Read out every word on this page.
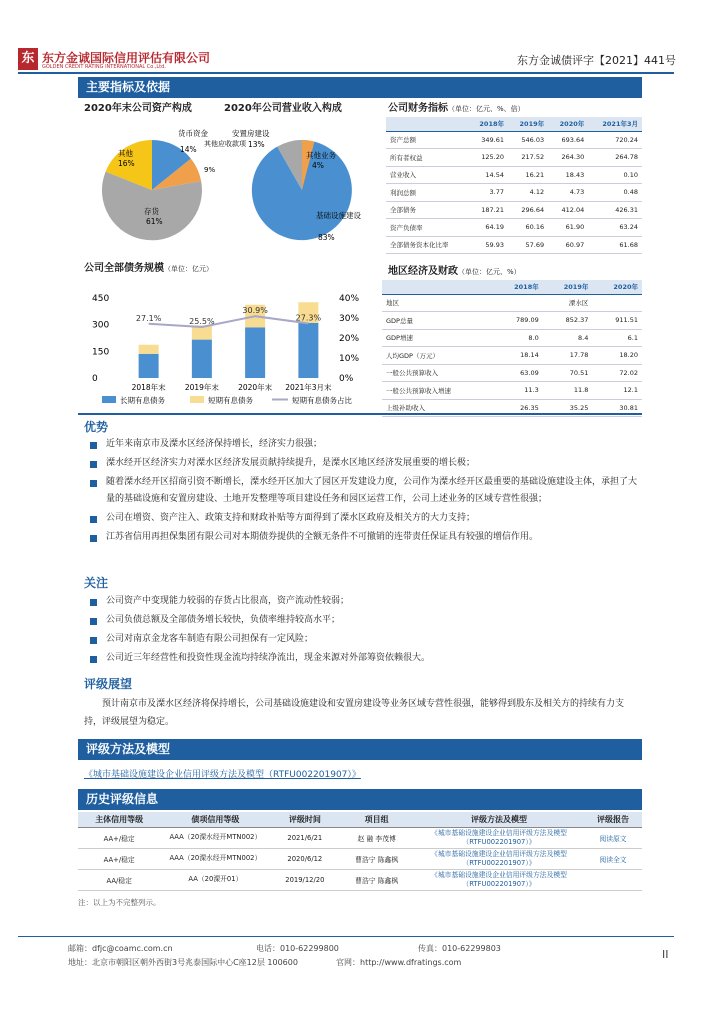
东 东方金诚国际信用评估有限公司
GOLDEN CREDIT RATING INTERNATIONAL Co.,Ltd.	东方金诚债评字【2021】441号
主要指标及依据
2020年末公司资产构成	2020年公司营业收入构成
货币资金
14%
其他
16%
其他应收款项
9%
存货
61%
安置房建设
13%
其他业务
4%
基础设施建设
83%
公司财务指标（单位：亿元、%、倍）
	2018年	2019年	2020年	2021年3月
资产总额	349.61	546.03	693.64	720.24
所有者权益	125.20	217.52	264.30	264.78
营业收入	14.54	16.21	18.43	0.10
利润总额	3.77	4.12	4.73	0.48
全部债务	187.21	296.64	412.04	426.31
资产负债率	64.19	60.16	61.90	63.24
全部债务资本化比率	59.93	57.69	60.97	61.68
公司全部债务规模（单位：亿元）
0
150
300
450
0%
10%
20%
30%
40%
2018年末	2019年末	2020年末 2021年3月末
27.1%	25.5%
30.9%
27.3%
长期有息债务	短期有息债务	短期有息债务占比
地区经济及财政（单位：亿元、%）
	2018年	2019年	2020年
地区		溧水区	
GDP总量	789.09	852.37	911.51
GDP增速	8.0	8.4	6.1
人均GDP（万元）	18.14	17.78	18.20
一般公共预算收入	63.09	70.51	72.02
一般公共预算收入增速	11.3	11.8	12.1
上级补助收入	26.35	35.25	30.81
优势
近年来南京市及溧水区经济保持增长，经济实力很强；
溧水经开区经济实力对溧水区经济发展贡献持续提升，是溧水区地区经济发展重要的增长极；
随着溧水经开区招商引资不断增长，溧水经开区加大了园区开发建设力度，公司作为溧水经开区最重要的基础设施建设主体，承担了大量的基础设施和安置房建设、土地开发整理等项目建设任务和园区运营工作，公司上述业务的区域专营性很强；
公司在增资、资产注入、政策支持和财政补贴等方面得到了溧水区政府及相关方的大力支持；
江苏省信用再担保集团有限公司对本期债券提供的全额无条件不可撤销的连带责任保证具有较强的增信作用。
关注
公司资产中变现能力较弱的存货占比很高，资产流动性较弱；
公司负债总额及全部债务增长较快，负债率维持较高水平；
公司对南京金龙客车制造有限公司担保有一定风险；
公司近三年经营性和投资性现金流均持续净流出，现金来源对外部筹资依赖很大。
评级展望
预计南京市及溧水区经济将保持增长，公司基础设施建设和安置房建设等业务区域专营性很强，能够得到股东及相关方的持续有力支持，评级展望为稳定。
评级方法及模型
《城市基础设施建设企业信用评级方法及模型（RTFU002201907）》
历史评级信息
主体信用等级	债项信用等级	评级时间	项目组	评级方法及模型	评级报告
AA+/稳定	AAA（20溧水经开MTN002）	2021/6/21	赵 融 李茂博	《城市基础设施建设企业信用评级方法及模型（RTFU002201907）》	阅读原文
AA+/稳定	AAA（20溧水经开MTN002）	2020/6/12	曹浩宁 陈鑫枫	《城市基础设施建设企业信用评级方法及模型（RTFU002201907）》	阅读全文
AA/稳定	AA（20溧开01）	2019/12/20	曹浩宁 陈鑫枫	《城市基础设施建设企业信用评级方法及模型（RTFU002201907）》	
注：以上为不完整列示。
邮箱：dfjc@coamc.com.cn	电话：010-62299800	传真：010-62299803	II
地址：北京市朝阳区朝外西街3号兆泰国际中心C座12层 100600	官网：http://www.dfratings.com
